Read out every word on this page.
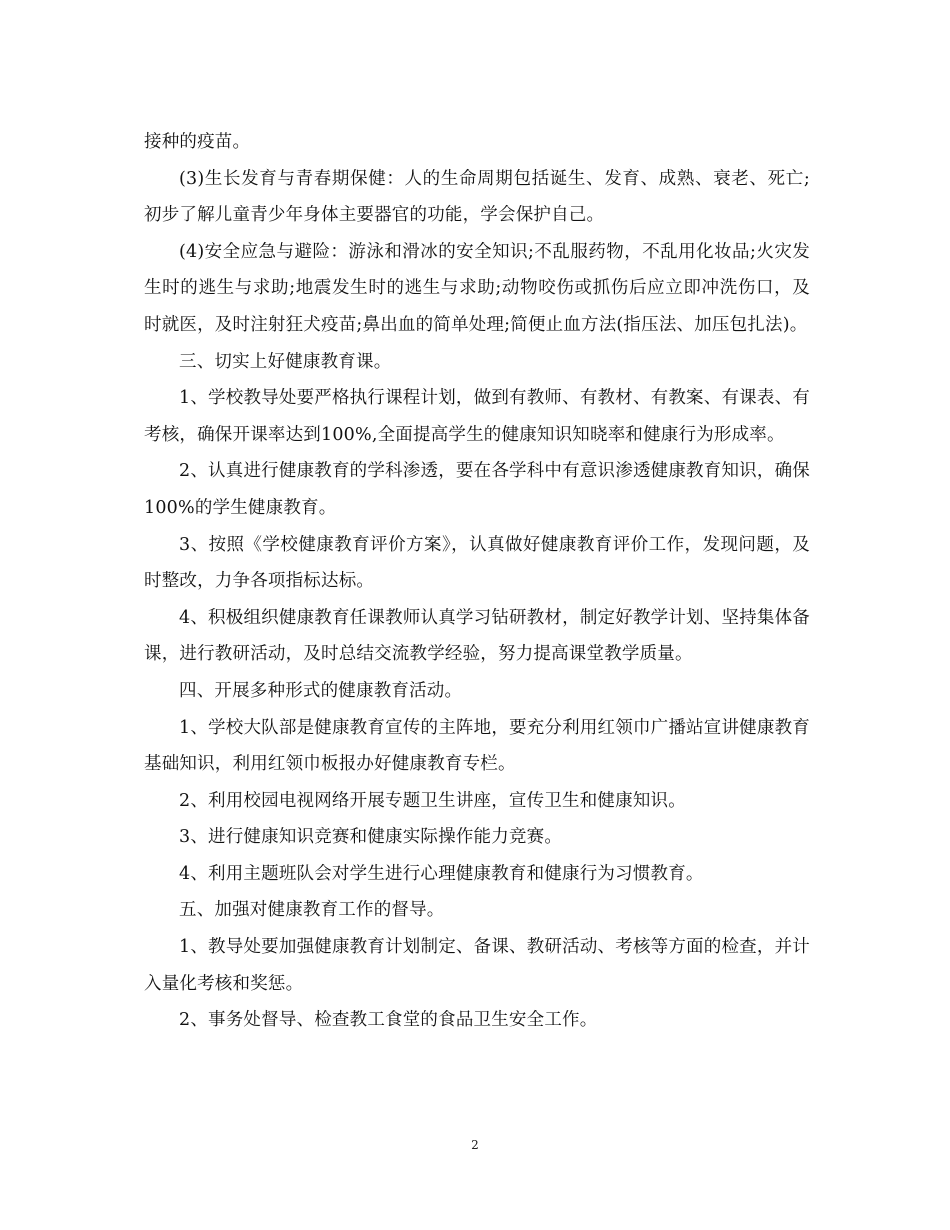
接种的疫苗。

(3)生长发育与青春期保健：人的生命周期包括诞生、发育、成熟、衰老、死亡;初步了解儿童青少年身体主要器官的功能，学会保护自己。

(4)安全应急与避险：游泳和滑冰的安全知识;不乱服药物，不乱用化妆品;火灾发生时的逃生与求助;地震发生时的逃生与求助;动物咬伤或抓伤后应立即冲洗伤口，及时就医，及时注射狂犬疫苗;鼻出血的简单处理;简便止血方法(指压法、加压包扎法)。

三、切实上好健康教育课。

1、学校教导处要严格执行课程计划，做到有教师、有教材、有教案、有课表、有考核，确保开课率达到100%,全面提高学生的健康知识知晓率和健康行为形成率。

2、认真进行健康教育的学科渗透，要在各学科中有意识渗透健康教育知识，确保100%的学生健康教育。

3、按照《学校健康教育评价方案》，认真做好健康教育评价工作，发现问题，及时整改，力争各项指标达标。

4、积极组织健康教育任课教师认真学习钻研教材，制定好教学计划、坚持集体备课，进行教研活动，及时总结交流教学经验，努力提高课堂教学质量。

四、开展多种形式的健康教育活动。

1、学校大队部是健康教育宣传的主阵地，要充分利用红领巾广播站宣讲健康教育基础知识，利用红领巾板报办好健康教育专栏。

2、利用校园电视网络开展专题卫生讲座，宣传卫生和健康知识。

3、进行健康知识竞赛和健康实际操作能力竞赛。

4、利用主题班队会对学生进行心理健康教育和健康行为习惯教育。

五、加强对健康教育工作的督导。

1、教导处要加强健康教育计划制定、备课、教研活动、考核等方面的检查，并计入量化考核和奖惩。

2、事务处督导、检查教工食堂的食品卫生安全工作。

2
